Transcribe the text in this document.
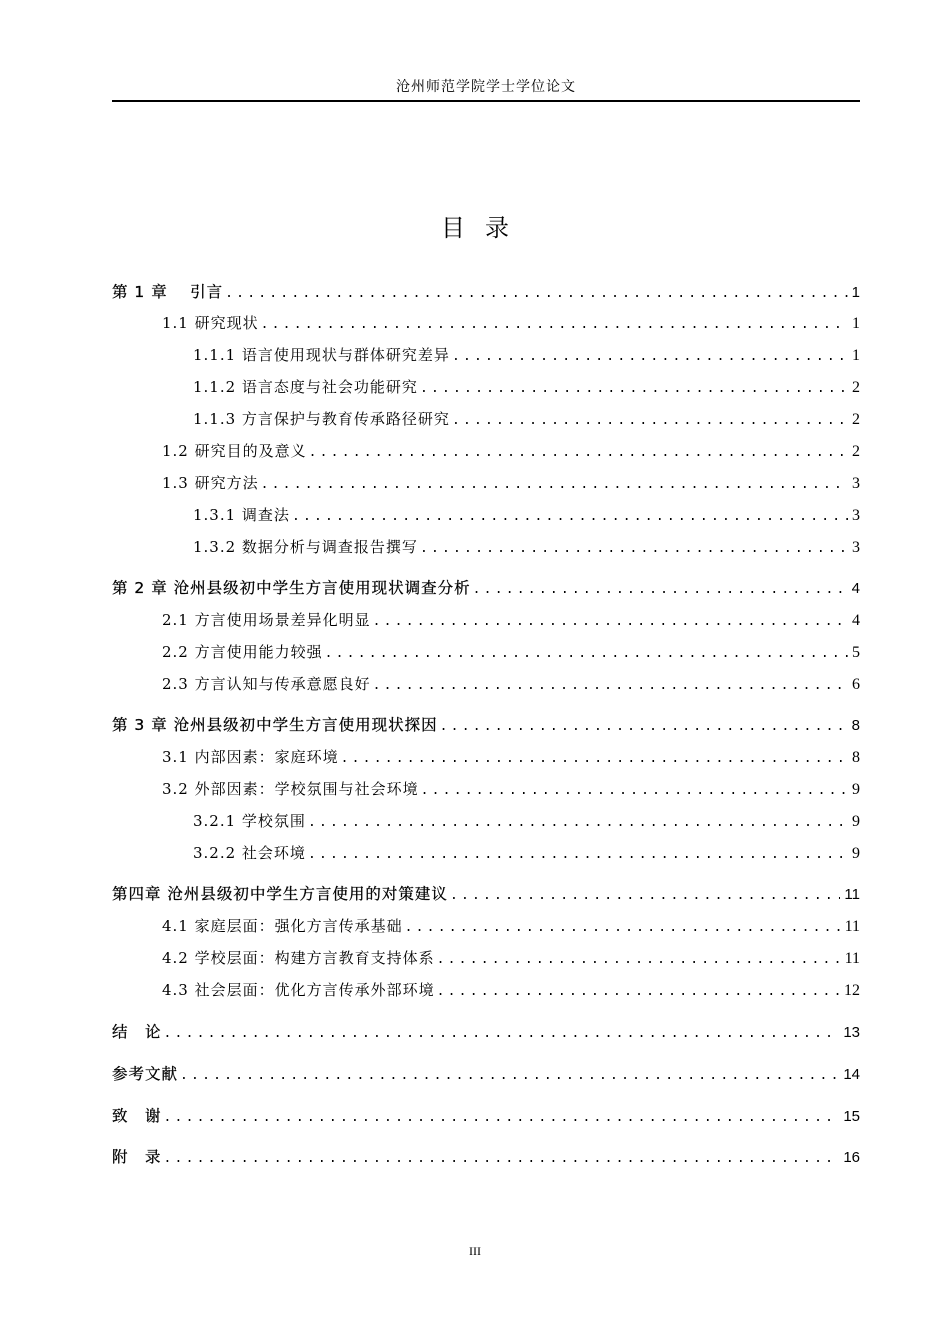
沧州师范学院学士学位论文
目录
第 1 章　 引言 .....	1
1.1 研究现状 .....	1
1.1.1 语言使用现状与群体研究差异 .....	1
1.1.2 语言态度与社会功能研究 .....	2
1.1.3 方言保护与教育传承路径研究 .....	2
1.2 研究目的及意义 .....	2
1.3 研究方法 .....	3
1.3.1 调查法 .....	3
1.3.2 数据分析与调查报告撰写 .....	3
第 2 章 沧州县级初中学生方言使用现状调查分析 .....	4
2.1 方言使用场景差异化明显 .....	4
2.2 方言使用能力较强 .....	5
2.3 方言认知与传承意愿良好 .....	6
第 3 章 沧州县级初中学生方言使用现状探因 .....	8
3.1 内部因素：家庭环境 .....	8
3.2 外部因素：学校氛围与社会环境 .....	9
3.2.1 学校氛围 .....	9
3.2.2 社会环境 .....	9
第四章 沧州县级初中学生方言使用的对策建议 .....	11
4.1 家庭层面：强化方言传承基础 .....	11
4.2 学校层面：构建方言教育支持体系 .....	11
4.3 社会层面：优化方言传承外部环境 .....	12
结　论 .....	13
参考文献 .....	14
致　谢 .....	15
附　录 .....	16
III
